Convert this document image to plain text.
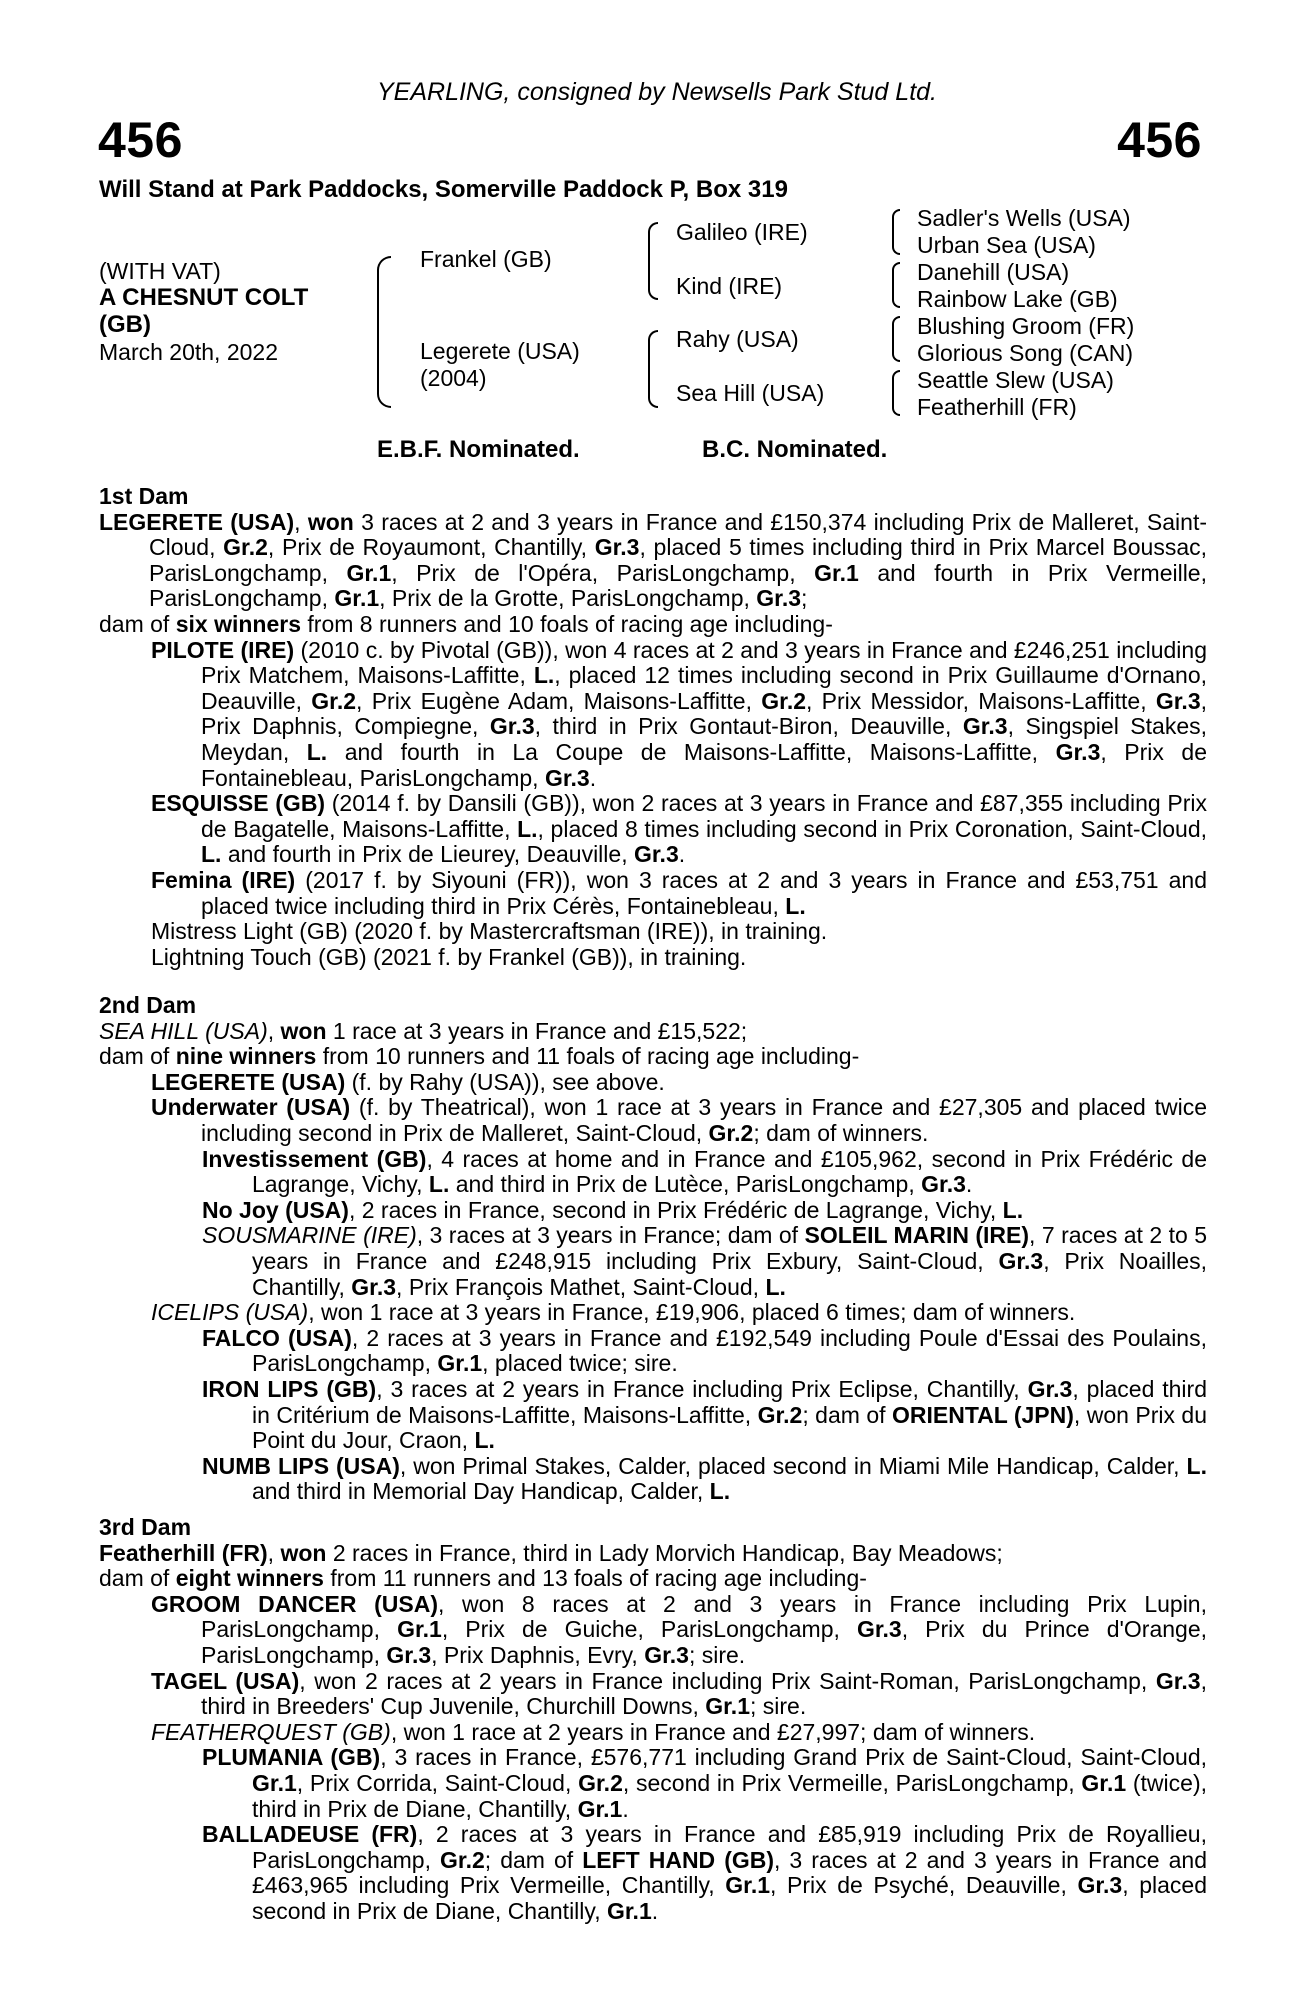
YEARLING, consigned by Newsells Park Stud Ltd.
456	456
Will Stand at Park Paddocks, Somerville Paddock P, Box 319
(WITH VAT)
A CHESNUT COLT
(GB)
March 20th, 2022
Frankel (GB)
Legerete (USA)
(2004)
Galileo (IRE)
Kind (IRE)
Rahy (USA)
Sea Hill (USA)
Sadler's Wells (USA)
Urban Sea (USA)
Danehill (USA)
Rainbow Lake (GB)
Blushing Groom (FR)
Glorious Song (CAN)
Seattle Slew (USA)
Featherhill (FR)
E.B.F. Nominated.	B.C. Nominated.

1st Dam

LEGERETE (USA), won 3 races at 2 and 3 years in France and £150,374 including Prix de Malleret, Saint-Cloud, Gr.2, Prix de Royaumont, Chantilly, Gr.3, placed 5 times including third in Prix Marcel Boussac, ParisLongchamp, Gr.1, Prix de l'Opéra, ParisLongchamp, Gr.1 and fourth in Prix Vermeille, ParisLongchamp, Gr.1, Prix de la Grotte, ParisLongchamp, Gr.3;

dam of six winners from 8 runners and 10 foals of racing age including-

PILOTE (IRE) (2010 c. by Pivotal (GB)), won 4 races at 2 and 3 years in France and £246,251 including Prix Matchem, Maisons-Laffitte, L., placed 12 times including second in Prix Guillaume d'Ornano, Deauville, Gr.2, Prix Eugène Adam, Maisons-Laffitte, Gr.2, Prix Messidor, Maisons-Laffitte, Gr.3, Prix Daphnis, Compiegne, Gr.3, third in Prix Gontaut-Biron, Deauville, Gr.3, Singspiel Stakes, Meydan, L. and fourth in La Coupe de Maisons-Laffitte, Maisons-Laffitte, Gr.3, Prix de Fontainebleau, ParisLongchamp, Gr.3.

ESQUISSE (GB) (2014 f. by Dansili (GB)), won 2 races at 3 years in France and £87,355 including Prix de Bagatelle, Maisons-Laffitte, L., placed 8 times including second in Prix Coronation, Saint-Cloud, L. and fourth in Prix de Lieurey, Deauville, Gr.3.

Femina (IRE) (2017 f. by Siyouni (FR)), won 3 races at 2 and 3 years in France and £53,751 and placed twice including third in Prix Cérès, Fontainebleau, L.

Mistress Light (GB) (2020 f. by Mastercraftsman (IRE)), in training.

Lightning Touch (GB) (2021 f. by Frankel (GB)), in training.

2nd Dam

SEA HILL (USA), won 1 race at 3 years in France and £15,522;

dam of nine winners from 10 runners and 11 foals of racing age including-

LEGERETE (USA) (f. by Rahy (USA)), see above.

Underwater (USA) (f. by Theatrical), won 1 race at 3 years in France and £27,305 and placed twice including second in Prix de Malleret, Saint-Cloud, Gr.2; dam of winners.

Investissement (GB), 4 races at home and in France and £105,962, second in Prix Frédéric de Lagrange, Vichy, L. and third in Prix de Lutèce, ParisLongchamp, Gr.3.

No Joy (USA), 2 races in France, second in Prix Frédéric de Lagrange, Vichy, L.

SOUSMARINE (IRE), 3 races at 3 years in France; dam of SOLEIL MARIN (IRE), 7 races at 2 to 5 years in France and £248,915 including Prix Exbury, Saint-Cloud, Gr.3, Prix Noailles, Chantilly, Gr.3, Prix François Mathet, Saint-Cloud, L.

ICELIPS (USA), won 1 race at 3 years in France, £19,906, placed 6 times; dam of winners.

FALCO (USA), 2 races at 3 years in France and £192,549 including Poule d'Essai des Poulains, ParisLongchamp, Gr.1, placed twice; sire.

IRON LIPS (GB), 3 races at 2 years in France including Prix Eclipse, Chantilly, Gr.3, placed third in Critérium de Maisons-Laffitte, Maisons-Laffitte, Gr.2; dam of ORIENTAL (JPN), won Prix du Point du Jour, Craon, L.

NUMB LIPS (USA), won Primal Stakes, Calder, placed second in Miami Mile Handicap, Calder, L. and third in Memorial Day Handicap, Calder, L.

3rd Dam

Featherhill (FR), won 2 races in France, third in Lady Morvich Handicap, Bay Meadows;

dam of eight winners from 11 runners and 13 foals of racing age including-

GROOM DANCER (USA), won 8 races at 2 and 3 years in France including Prix Lupin, ParisLongchamp, Gr.1, Prix de Guiche, ParisLongchamp, Gr.3, Prix du Prince d'Orange, ParisLongchamp, Gr.3, Prix Daphnis, Evry, Gr.3; sire.

TAGEL (USA), won 2 races at 2 years in France including Prix Saint-Roman, ParisLongchamp, Gr.3, third in Breeders' Cup Juvenile, Churchill Downs, Gr.1; sire.

FEATHERQUEST (GB), won 1 race at 2 years in France and £27,997; dam of winners.

PLUMANIA (GB), 3 races in France, £576,771 including Grand Prix de Saint-Cloud, Saint-Cloud, Gr.1, Prix Corrida, Saint-Cloud, Gr.2, second in Prix Vermeille, ParisLongchamp, Gr.1 (twice), third in Prix de Diane, Chantilly, Gr.1.

BALLADEUSE (FR), 2 races at 3 years in France and £85,919 including Prix de Royallieu, ParisLongchamp, Gr.2; dam of LEFT HAND (GB), 3 races at 2 and 3 years in France and £463,965 including Prix Vermeille, Chantilly, Gr.1, Prix de Psyché, Deauville, Gr.3, placed second in Prix de Diane, Chantilly, Gr.1.
